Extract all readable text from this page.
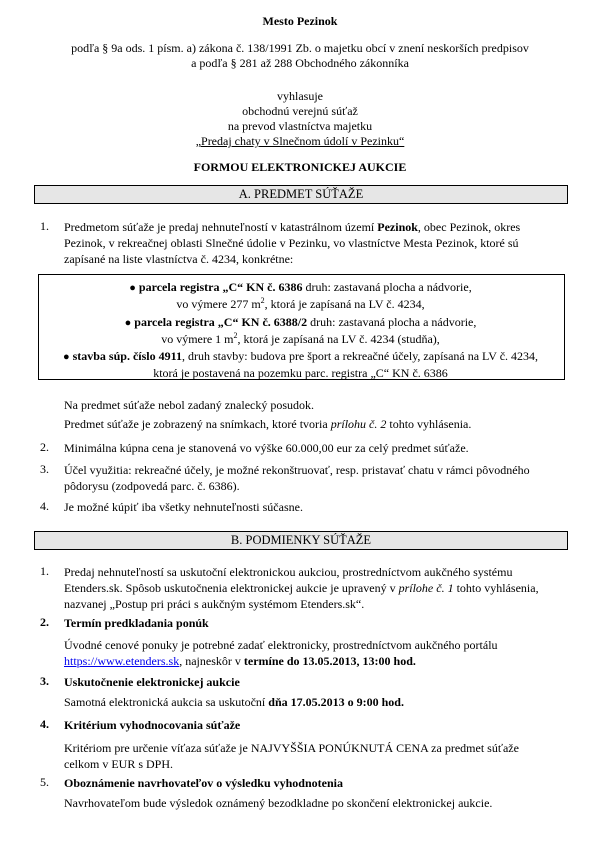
Mesto Pezinok
podľa § 9a ods. 1 písm. a) zákona č. 138/1991 Zb. o majetku obcí v znení neskorších predpisov
a podľa § 281 až 288 Obchodného zákonníka
vyhlasuje
obchodnú verejnú súťaž
na prevod vlastníctva majetku
„Predaj chaty v Slnečnom údolí v Pezinku“
FORMOU ELEKTRONICKEJ AUKCIE
A. PREDMET SÚŤAŽE
1.	Predmetom súťaže je predaj nehnuteľností v katastrálnom území Pezinok, obec Pezinok, okres
Pezinok, v rekreačnej oblasti Slnečné údolie v Pezinku, vo vlastníctve Mesta Pezinok, ktoré sú
zapísané na liste vlastníctva č. 4234, konkrétne:
● parcela registra „C“ KN č. 6386 druh: zastavaná plocha a nádvorie,
vo výmere 277 $m^2$, ktorá je zapísaná na LV č. 4234,
● parcela registra „C“ KN č. 6388/2 druh: zastavaná plocha a nádvorie,
vo výmere 1 $m^2$, ktorá je zapísaná na LV č. 4234 (studňa),
● stavba súp. číslo 4911, druh stavby: budova pre šport a rekreačné účely, zapísaná na LV č. 4234,
ktorá je postavená na pozemku parc. registra „C“ KN č. 6386
Na predmet súťaže nebol zadaný znalecký posudok.
Predmet súťaže je zobrazený na snímkach, ktoré tvoria prílohu č. 2 tohto vyhlásenia.
2.	Minimálna kúpna cena je stanovená vo výške 60.000,00 eur za celý predmet súťaže.
3.	Účel využitia: rekreačné účely, je možné rekonštruovať, resp. pristavať chatu v rámci pôvodného
pôdorysu (zodpovedá parc. č. 6386).
4.	Je možné kúpiť iba všetky nehnuteľnosti súčasne.
B. PODMIENKY SÚŤAŽE
1.	Predaj nehnuteľností sa uskutoční elektronickou aukciou, prostredníctvom aukčného systému
Etenders.sk. Spôsob uskutočnenia elektronickej aukcie je upravený v prílohe č. 1 tohto vyhlásenia,
nazvanej „Postup pri práci s aukčným systémom Etenders.sk“.
2.	Termín predkladania ponúk
Úvodné cenové ponuky je potrebné zadať elektronicky, prostredníctvom aukčného portálu
https://www.etenders.sk, najneskôr v termíne do 13.05.2013, 13:00 hod.
3.	Uskutočnenie elektronickej aukcie
Samotná elektronická aukcia sa uskutoční dňa 17.05.2013 o 9:00 hod.
4.	Kritérium vyhodnocovania súťaže
Kritériom pre určenie víťaza súťaže je NAJVYŠŠIA PONÚKNUTÁ CENA za predmet súťaže
celkom v EUR s DPH.
5.	Oboznámenie navrhovateľov o výsledku vyhodnotenia
Navrhovateľom bude výsledok oznámený bezodkladne po skončení elektronickej aukcie.
